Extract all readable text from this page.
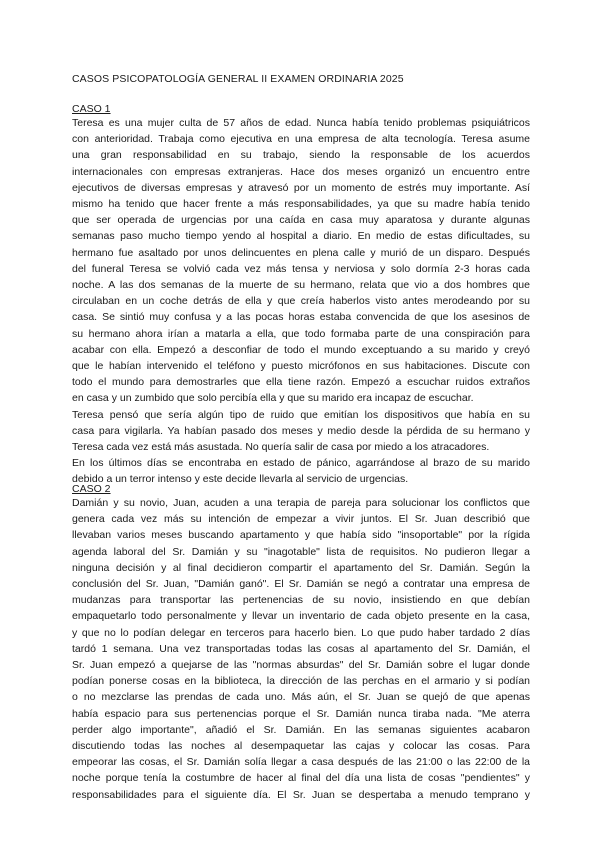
CASOS PSICOPATOLOGÍA GENERAL II EXAMEN ORDINARIA 2025
CASO 1
Teresa es una mujer culta de 57 años de edad. Nunca había tenido problemas psiquiátricos
con anterioridad. Trabaja como ejecutiva en una empresa de alta tecnología. Teresa asume
una gran responsabilidad en su trabajo, siendo la responsable de los acuerdos
internacionales con empresas extranjeras. Hace dos meses organizó un encuentro entre
ejecutivos de diversas empresas y atravesó por un momento de estrés muy importante. Así
mismo ha tenido que hacer frente a más responsabilidades, ya que su madre había tenido
que ser operada de urgencias por una caída en casa muy aparatosa y durante algunas
semanas paso mucho tiempo yendo al hospital a diario. En medio de estas dificultades, su
hermano fue asaltado por unos delincuentes en plena calle y murió de un disparo. Después
del funeral Teresa se volvió cada vez más tensa y nerviosa y solo dormía 2-3 horas cada
noche. A las dos semanas de la muerte de su hermano, relata que vio a dos hombres que
circulaban en un coche detrás de ella y que creía haberlos visto antes merodeando por su
casa. Se sintió muy confusa y a las pocas horas estaba convencida de que los asesinos de
su hermano ahora irían a matarla a ella, que todo formaba parte de una conspiración para
acabar con ella. Empezó a desconfiar de todo el mundo exceptuando a su marido y creyó
que le habían intervenido el teléfono y puesto micrófonos en sus habitaciones. Discute con
todo el mundo para demostrarles que ella tiene razón. Empezó a escuchar ruidos extraños
en casa y un zumbido que solo percibía ella y que su marido era incapaz de escuchar.
Teresa pensó que sería algún tipo de ruido que emitían los dispositivos que había en su
casa para vigilarla. Ya habían pasado dos meses y medio desde la pérdida de su hermano y
Teresa cada vez está más asustada. No quería salir de casa por miedo a los atracadores.
En los últimos días se encontraba en estado de pánico, agarrándose al brazo de su marido
debido a un terror intenso y este decide llevarla al servicio de urgencias.
CASO 2
Damián y su novio, Juan, acuden a una terapia de pareja para solucionar los conflictos que
genera cada vez más su intención de empezar a vivir juntos. El Sr. Juan describió que
llevaban varios meses buscando apartamento y que había sido "insoportable" por la rígida
agenda laboral del Sr. Damián y su "inagotable" lista de requisitos. No pudieron llegar a
ninguna decisión y al final decidieron compartir el apartamento del Sr. Damián. Según la
conclusión del Sr. Juan, "Damián ganó". El Sr. Damián se negó a contratar una empresa de
mudanzas para transportar las pertenencias de su novio, insistiendo en que debían
empaquetarlo todo personalmente y llevar un inventario de cada objeto presente en la casa,
y que no lo podían delegar en terceros para hacerlo bien. Lo que pudo haber tardado 2 días
tardó 1 semana. Una vez transportadas todas las cosas al apartamento del Sr. Damián, el
Sr. Juan empezó a quejarse de las "normas absurdas" del Sr. Damián sobre el lugar donde
podían ponerse cosas en la biblioteca, la dirección de las perchas en el armario y si podían
o no mezclarse las prendas de cada uno. Más aún, el Sr. Juan se quejó de que apenas
había espacio para sus pertenencias porque el Sr. Damián nunca tiraba nada. "Me aterra
perder algo importante", añadió el Sr. Damián. En las semanas siguientes acabaron
discutiendo todas las noches al desempaquetar las cajas y colocar las cosas. Para
empeorar las cosas, el Sr. Damián solía llegar a casa después de las 21:00 o las 22:00 de la
noche porque tenía la costumbre de hacer al final del día una lista de cosas "pendientes" y
responsabilidades para el siguiente día. El Sr. Juan se despertaba a menudo temprano y
